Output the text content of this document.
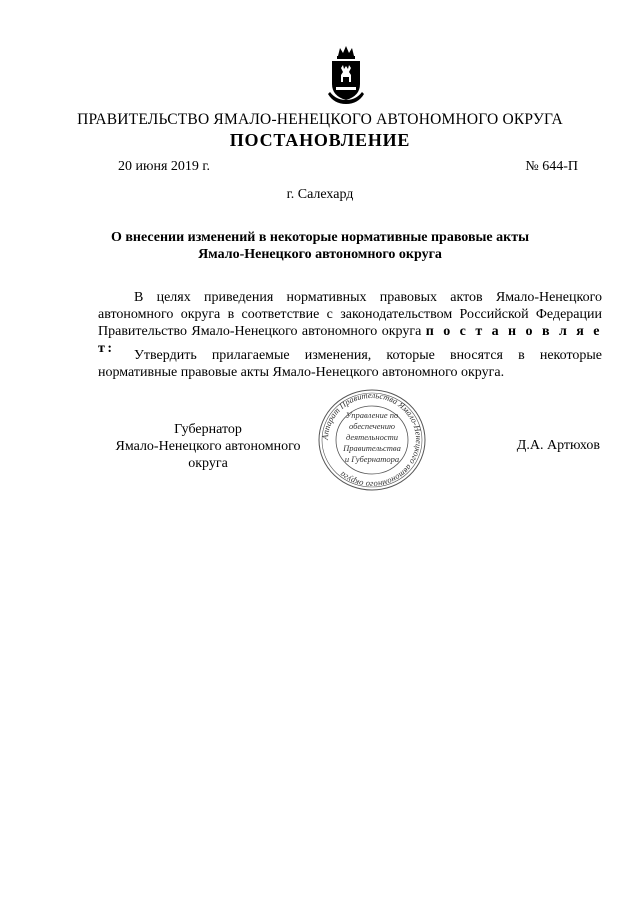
ПРАВИТЕЛЬСТВО ЯМАЛО-НЕНЕЦКОГО АВТОНОМНОГО ОКРУГА
ПОСТАНОВЛЕНИЕ
20 июня 2019 г.	№ 644-П
г. Салехард
О внесении изменений в некоторые нормативные правовые акты
Ямало-Ненецкого автономного округа
В целях приведения нормативных правовых актов Ямало-Ненецкого автономного округа в соответствие с законодательством Российской Федерации Правительство Ямало-Ненецкого автономного округа п о с т а н о в л я е т:	Утвердить прилагаемые изменения, которые вносятся в некоторые нормативные правовые акты Ямало-Ненецкого автономного округа.
Губернатор
Ямало-Ненецкого автономного округа
Д.А. Артюхов
Аппарат Правительства Ямало-Ненецкого автономного округа
Управление по
обеспечению
деятельности
Правительства
и Губернатора
